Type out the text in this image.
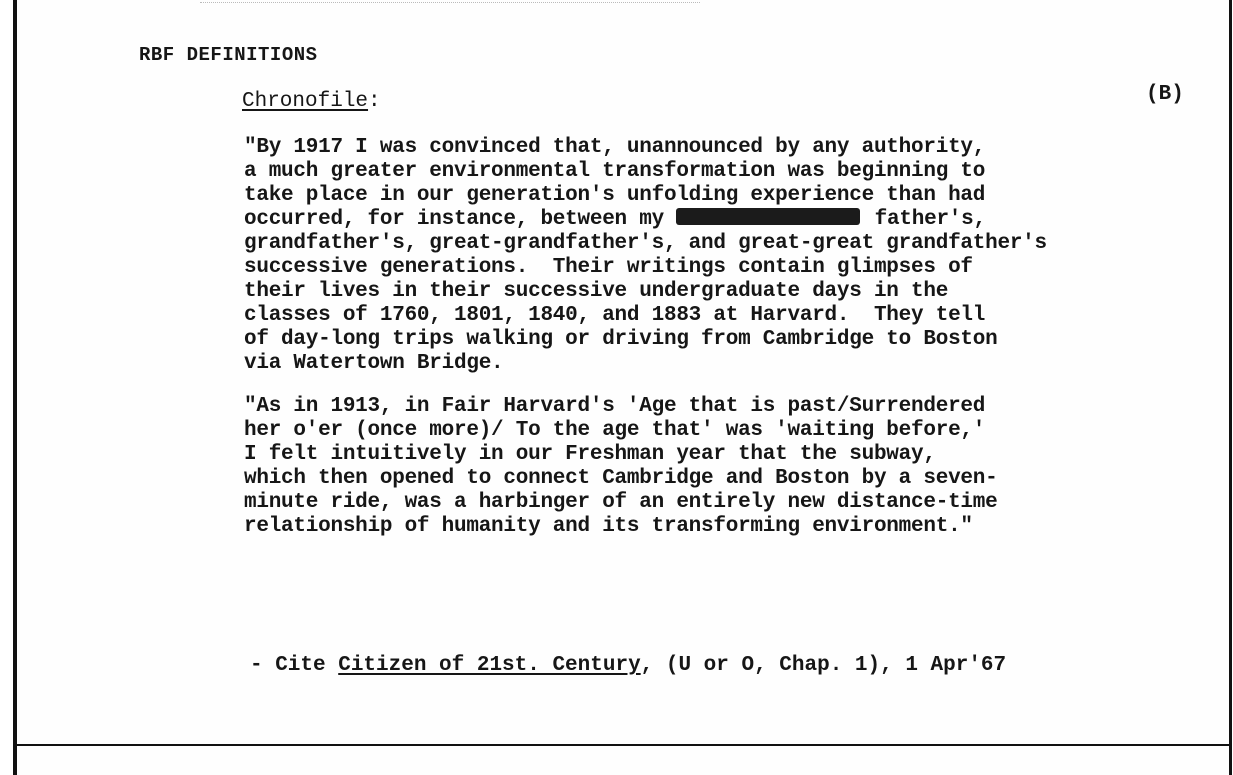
RBF DEFINITIONS
Chronofile:	(B)
"By 1917 I was convinced that, unannounced by any authority,
a much greater environmental transformation was beginning to
take place in our generation's unfolding experience than had
occurred, for instance, between my	father's,
grandfather's, great-grandfather's, and great-great grandfather's
successive generations.  Their writings contain glimpses of
their lives in their successive undergraduate days in the
classes of 1760, 1801, 1840, and 1883 at Harvard.  They tell
of day-long trips walking or driving from Cambridge to Boston
via Watertown Bridge.
"As in 1913, in Fair Harvard's 'Age that is past/Surrendered
her o'er (once more)/ To the age that' was 'waiting before,'
I felt intuitively in our Freshman year that the subway,
which then opened to connect Cambridge and Boston by a seven-
minute ride, was a harbinger of an entirely new distance-time
relationship of humanity and its transforming environment."
- Cite Citizen of 21st. Century, (U or O, Chap. 1), 1 Apr'67
